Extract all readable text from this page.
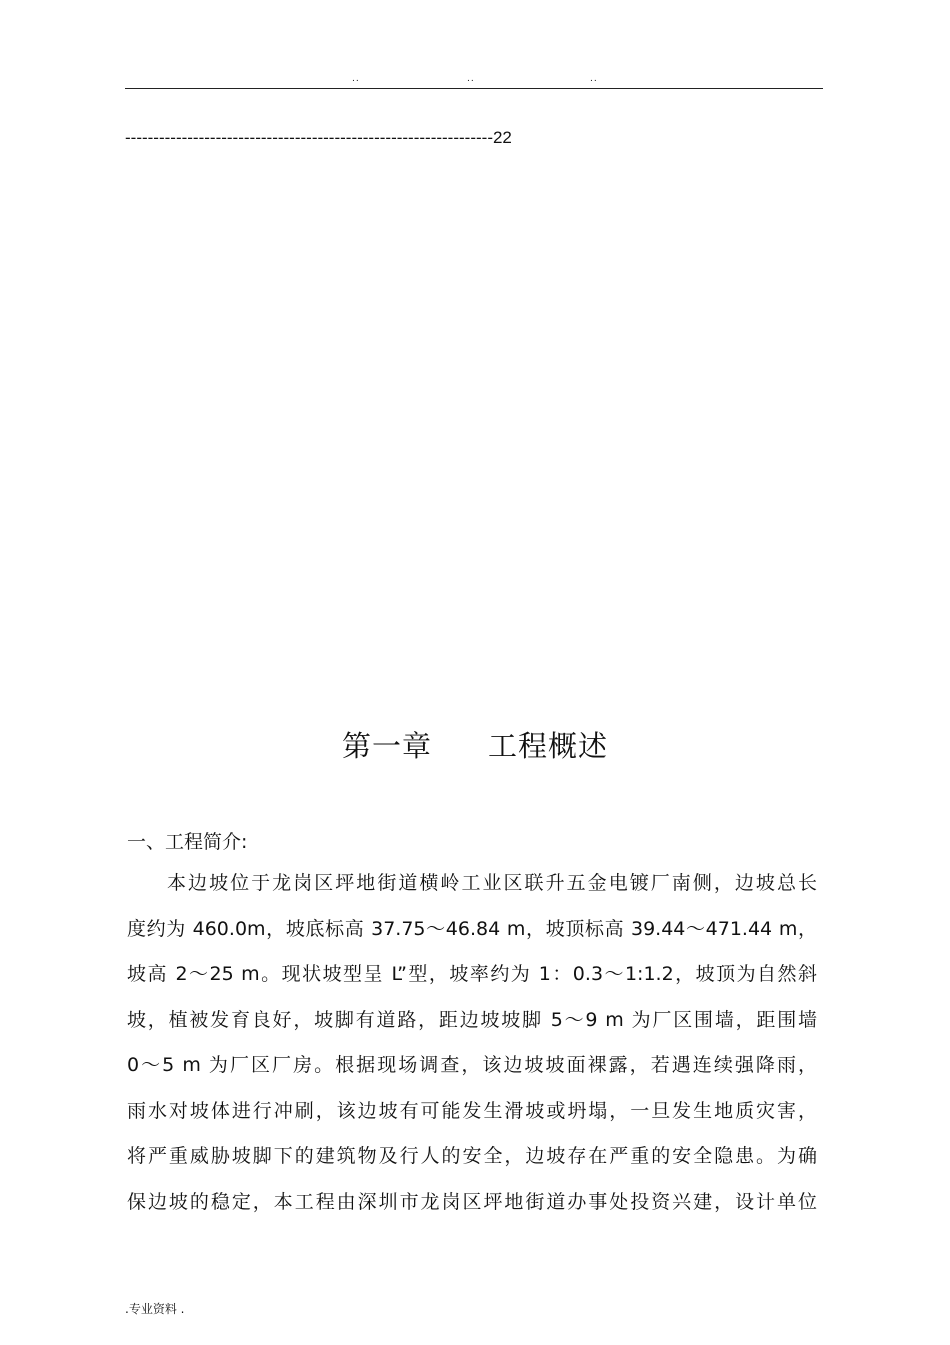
..	..	..
-----------------------------------------------------------------22
第一章 工程概述
一、工程简介:
本边坡位于龙岗区坪地街道横岭工业区联升五金电镀厂南侧，边坡总长
度约为 460.0m，坡底标高 37.75～46.84 m，坡顶标高 39.44～471.44 m，
坡高 2～25 m。现状坡型呈 L”型，坡率约为 1：0.3～1:1.2，坡顶为自然斜
坡，植被发育良好，坡脚有道路，距边坡坡脚 5～9 m 为厂区围墙，距围墙
0～5 m 为厂区厂房。根据现场调查，该边坡坡面裸露，若遇连续强降雨，
雨水对坡体进行冲刷，该边坡有可能发生滑坡或坍塌，一旦发生地质灾害，
将严重威胁坡脚下的建筑物及行人的安全，边坡存在严重的安全隐患。为确
保边坡的稳定，本工程由深圳市龙岗区坪地街道办事处投资兴建，设计单位
.专业资料 .
